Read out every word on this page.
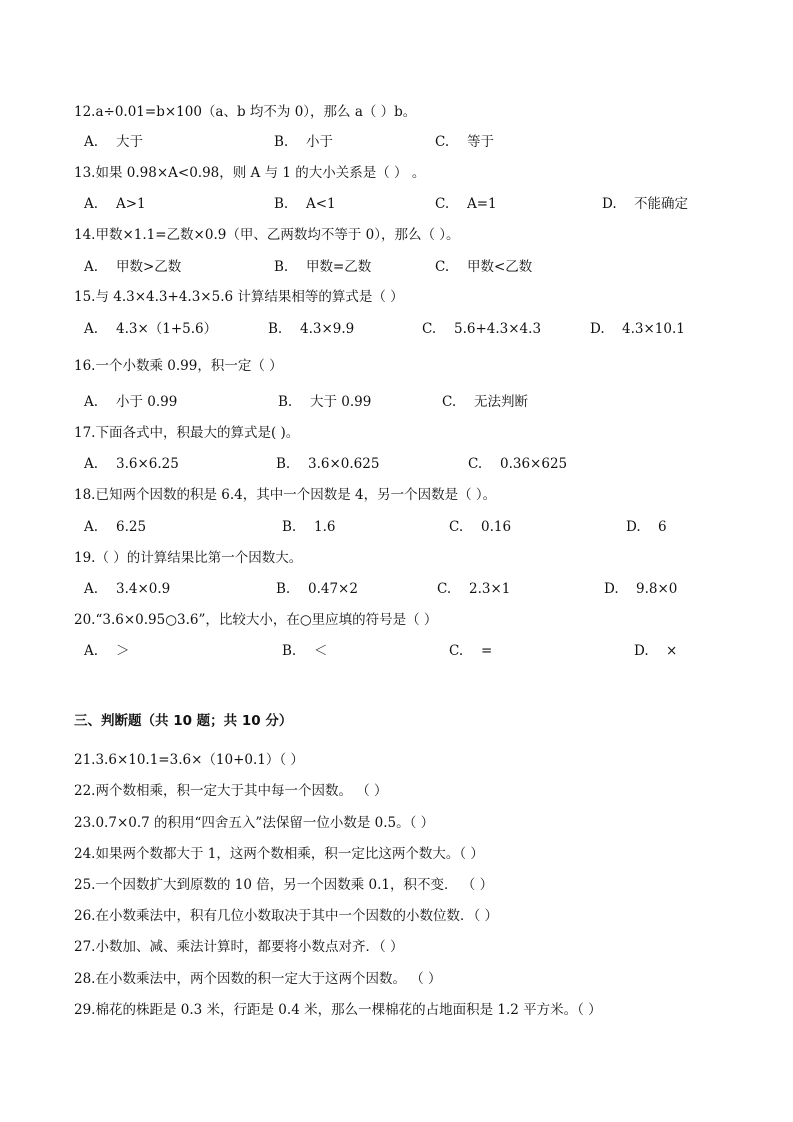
12.a÷0.01=b×100（a、b 均不为 0），那么 a（ ）b。
A. 大于	B. 小于	C. 等于
13.如果 0.98×A<0.98，则 A 与 1 的大小关系是（ ） 。
A. A>1	B. A<1	C. A=1	D. 不能确定
14.甲数×1.1=乙数×0.9（甲、乙两数均不等于 0），那么（ ）。
A. 甲数>乙数	B. 甲数=乙数	C. 甲数<乙数
15.与 4.3×4.3+4.3×5.6 计算结果相等的算式是（ ）
A. 4.3×（1+5.6）	B. 4.3×9.9	C. 5.6+4.3×4.3	D. 4.3×10.1
16.一个小数乘 0.99，积一定（ ）
A. 小于 0.99	B. 大于 0.99	C. 无法判断
17.下面各式中，积最大的算式是( )。
A. 3.6×6.25	B. 3.6×0.625	C. 0.36×625
18.已知两个因数的积是 6.4，其中一个因数是 4，另一个因数是（ ）。
A. 6.25	B. 1.6	C. 0.16	D. 6
19.（ ）的计算结果比第一个因数大。
A. 3.4×0.9	B. 0.47×2	C. 2.3×1	D. 9.8×0
20.“3.6×0.95○3.6”，比较大小，在○里应填的符号是（ ）
A. ＞	B. ＜	C. =	D. ×
三、判断题（共 10 题；共 10 分）
21.3.6×10.1=3.6×（10+0.1）（ ）
22.两个数相乘，积一定大于其中每一个因数。 （ ）
23.0.7×0.7 的积用“四舍五入”法保留一位小数是 0.5。（ ）
24.如果两个数都大于 1，这两个数相乘，积一定比这两个数大。（ ）
25.一个因数扩大到原数的 10 倍，另一个因数乘 0.1，积不变． （ ）
26.在小数乘法中，积有几位小数取决于其中一个因数的小数位数．（ ）
27.小数加、减、乘法计算时，都要将小数点对齐．（ ）
28.在小数乘法中，两个因数的积一定大于这两个因数。 （ ）
29.棉花的株距是 0.3 米，行距是 0.4 米，那么一棵棉花的占地面积是 1.2 平方米。（ ）
